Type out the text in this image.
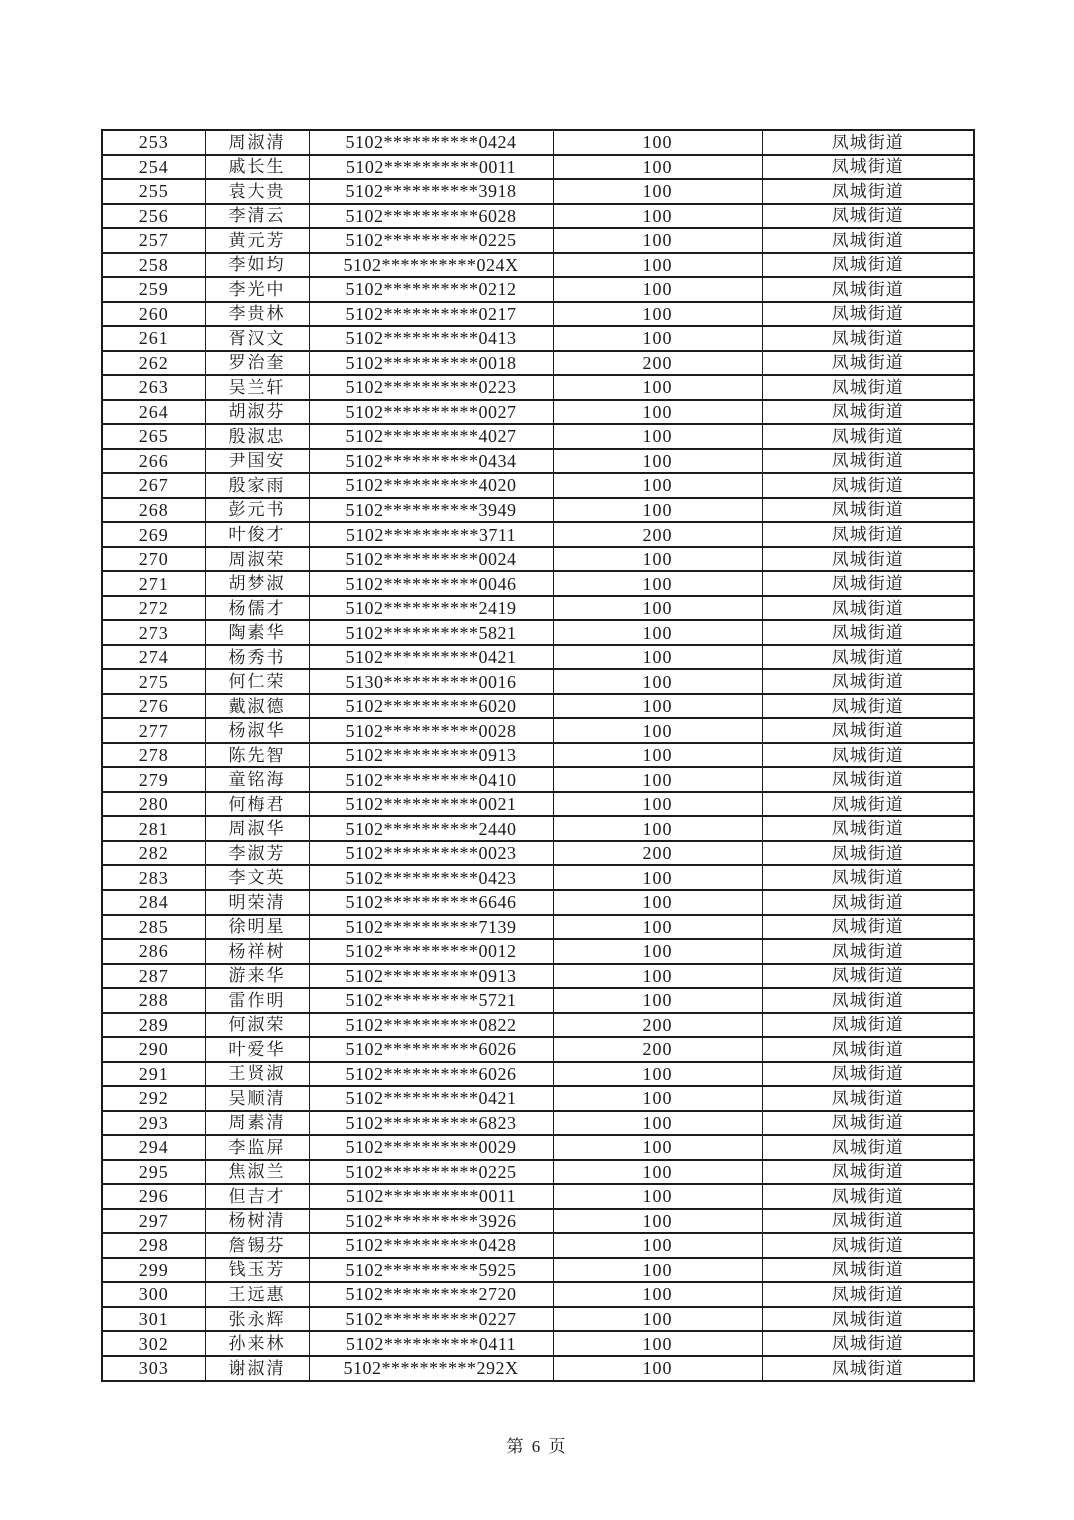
253	周淑清	5102**********0424	100	凤城街道
254	戚长生	5102**********0011	100	凤城街道
255	袁大贵	5102**********3918	100	凤城街道
256	李清云	5102**********6028	100	凤城街道
257	黄元芳	5102**********0225	100	凤城街道
258	李如均	5102**********024X	100	凤城街道
259	李光中	5102**********0212	100	凤城街道
260	李贵林	5102**********0217	100	凤城街道
261	胥汉文	5102**********0413	100	凤城街道
262	罗治奎	5102**********0018	200	凤城街道
263	吴兰轩	5102**********0223	100	凤城街道
264	胡淑芬	5102**********0027	100	凤城街道
265	殷淑忠	5102**********4027	100	凤城街道
266	尹国安	5102**********0434	100	凤城街道
267	殷家雨	5102**********4020	100	凤城街道
268	彭元书	5102**********3949	100	凤城街道
269	叶俊才	5102**********3711	200	凤城街道
270	周淑荣	5102**********0024	100	凤城街道
271	胡梦淑	5102**********0046	100	凤城街道
272	杨儒才	5102**********2419	100	凤城街道
273	陶素华	5102**********5821	100	凤城街道
274	杨秀书	5102**********0421	100	凤城街道
275	何仁荣	5130**********0016	100	凤城街道
276	戴淑德	5102**********6020	100	凤城街道
277	杨淑华	5102**********0028	100	凤城街道
278	陈先智	5102**********0913	100	凤城街道
279	童铭海	5102**********0410	100	凤城街道
280	何梅君	5102**********0021	100	凤城街道
281	周淑华	5102**********2440	100	凤城街道
282	李淑芳	5102**********0023	200	凤城街道
283	李文英	5102**********0423	100	凤城街道
284	明荣清	5102**********6646	100	凤城街道
285	徐明星	5102**********7139	100	凤城街道
286	杨祥树	5102**********0012	100	凤城街道
287	游来华	5102**********0913	100	凤城街道
288	雷作明	5102**********5721	100	凤城街道
289	何淑荣	5102**********0822	200	凤城街道
290	叶爱华	5102**********6026	200	凤城街道
291	王贤淑	5102**********6026	100	凤城街道
292	吴顺清	5102**********0421	100	凤城街道
293	周素清	5102**********6823	100	凤城街道
294	李监屏	5102**********0029	100	凤城街道
295	焦淑兰	5102**********0225	100	凤城街道
296	但吉才	5102**********0011	100	凤城街道
297	杨树清	5102**********3926	100	凤城街道
298	詹锡芬	5102**********0428	100	凤城街道
299	钱玉芳	5102**********5925	100	凤城街道
300	王远惠	5102**********2720	100	凤城街道
301	张永辉	5102**********0227	100	凤城街道
302	孙来林	5102**********0411	100	凤城街道
303	谢淑清	5102**********292X	100	凤城街道
第 6 页
